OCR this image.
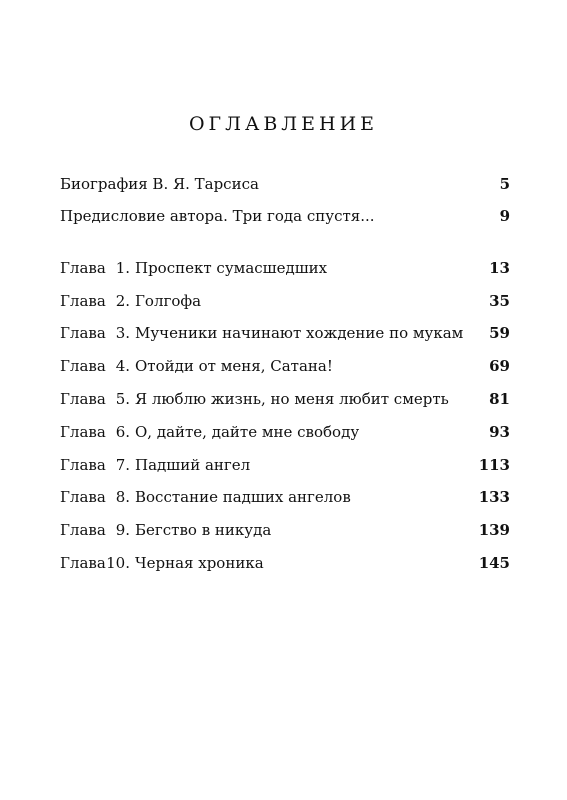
ОГЛАВЛЕНИЕ
Биография В. Я. Тарсиса	5
Предисловие автора. Три года спустя...	9
Глава 1. Проспект сумасшедших	13
Глава 2. Голгофа	35
Глава 3. Мученики начинают хождение по мукам 59
Глава 4. Отойди от меня, Сатана!	69
Глава 5. Я люблю жизнь, но меня любит смерть	81
Глава 6. О, дайте, дайте мне свободу	93
Глава 7. Падший ангел	113
Глава 8. Восстание падших ангелов	133
Глава 9. Бегство в никуда	139
Глава 10. Черная хроника	145
